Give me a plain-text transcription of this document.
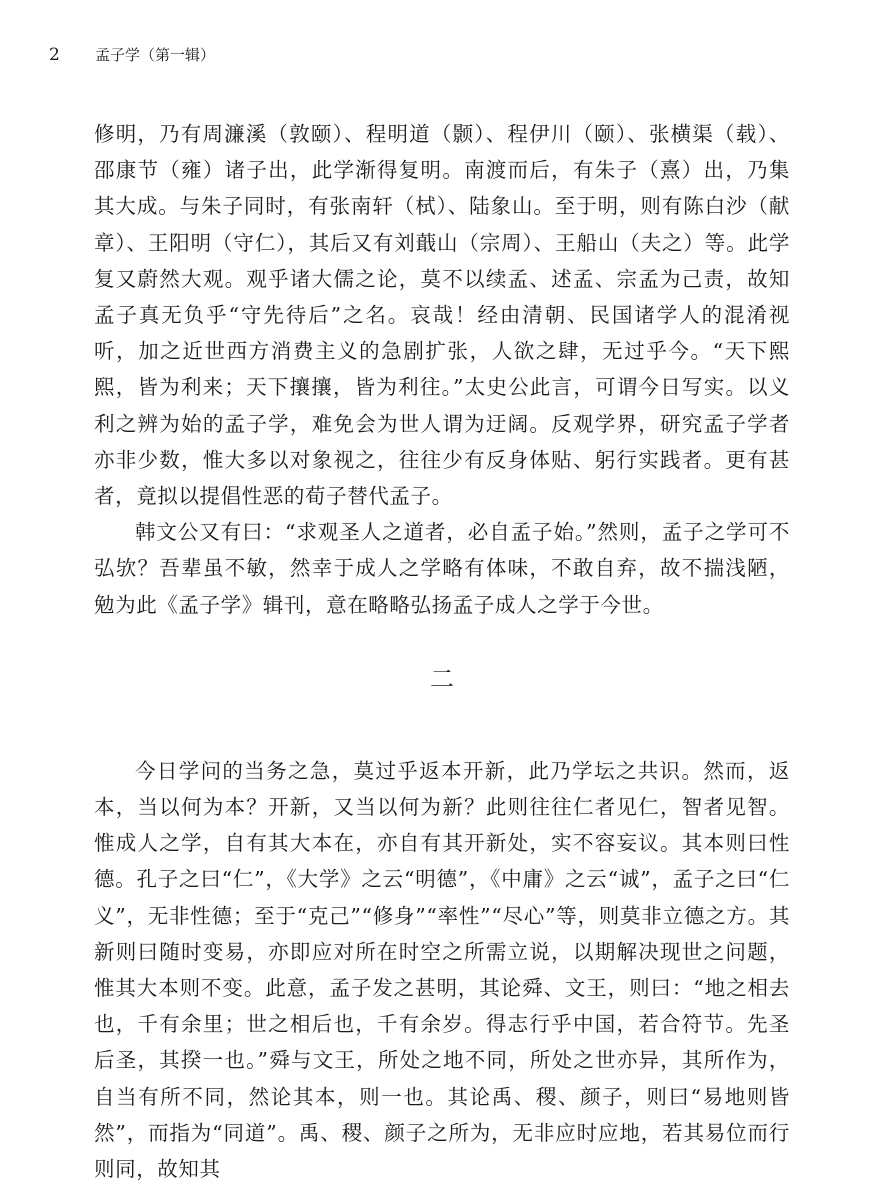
2 孟子学（第一辑）

修明，乃有周濂溪（敦颐）、程明道（颢）、程伊川（颐）、张横渠（载）、邵康节（雍）诸子出，此学渐得复明。南渡而后，有朱子（熹）出，乃集其大成。与朱子同时，有张南轩（栻）、陆象山。至于明，则有陈白沙（献章）、王阳明（守仁），其后又有刘蕺山（宗周）、王船山（夫之）等。此学复又蔚然大观。观乎诸大儒之论，莫不以续孟、述孟、宗孟为己责，故知孟子真无负乎“守先待后”之名。哀哉！经由清朝、民国诸学人的混淆视听，加之近世西方消费主义的急剧扩张，人欲之肆，无过乎今。“天下熙熙，皆为利来；天下攘攘，皆为利往。”太史公此言，可谓今日写实。以义利之辨为始的孟子学，难免会为世人谓为迂阔。反观学界，研究孟子学者亦非少数，惟大多以对象视之，往往少有反身体贴、躬行实践者。更有甚者，竟拟以提倡性恶的荀子替代孟子。

韩文公又有曰：“求观圣人之道者，必自孟子始。”然则，孟子之学可不弘欤？吾辈虽不敏，然幸于成人之学略有体味，不敢自弃，故不揣浅陋，勉为此《孟子学》辑刊，意在略略弘扬孟子成人之学于今世。

二

今日学问的当务之急，莫过乎返本开新，此乃学坛之共识。然而，返本，当以何为本？开新，又当以何为新？此则往往仁者见仁，智者见智。惟成人之学，自有其大本在，亦自有其开新处，实不容妄议。其本则曰性德。孔子之曰“仁”，《大学》之云“明德”，《中庸》之云“诚”，孟子之曰“仁义”，无非性德；至于“克己”“修身”“率性”“尽心”等，则莫非立德之方。其新则曰随时变易，亦即应对所在时空之所需立说，以期解决现世之问题，惟其大本则不变。此意，孟子发之甚明，其论舜、文王，则曰：“地之相去也，千有余里；世之相后也，千有余岁。得志行乎中国，若合符节。先圣后圣，其揆一也。”舜与文王，所处之地不同，所处之世亦异，其所作为，自当有所不同，然论其本，则一也。其论禹、稷、颜子，则曰“易地则皆然”，而指为“同道”。禹、稷、颜子之所为，无非应时应地，若其易位而行则同，故知其
